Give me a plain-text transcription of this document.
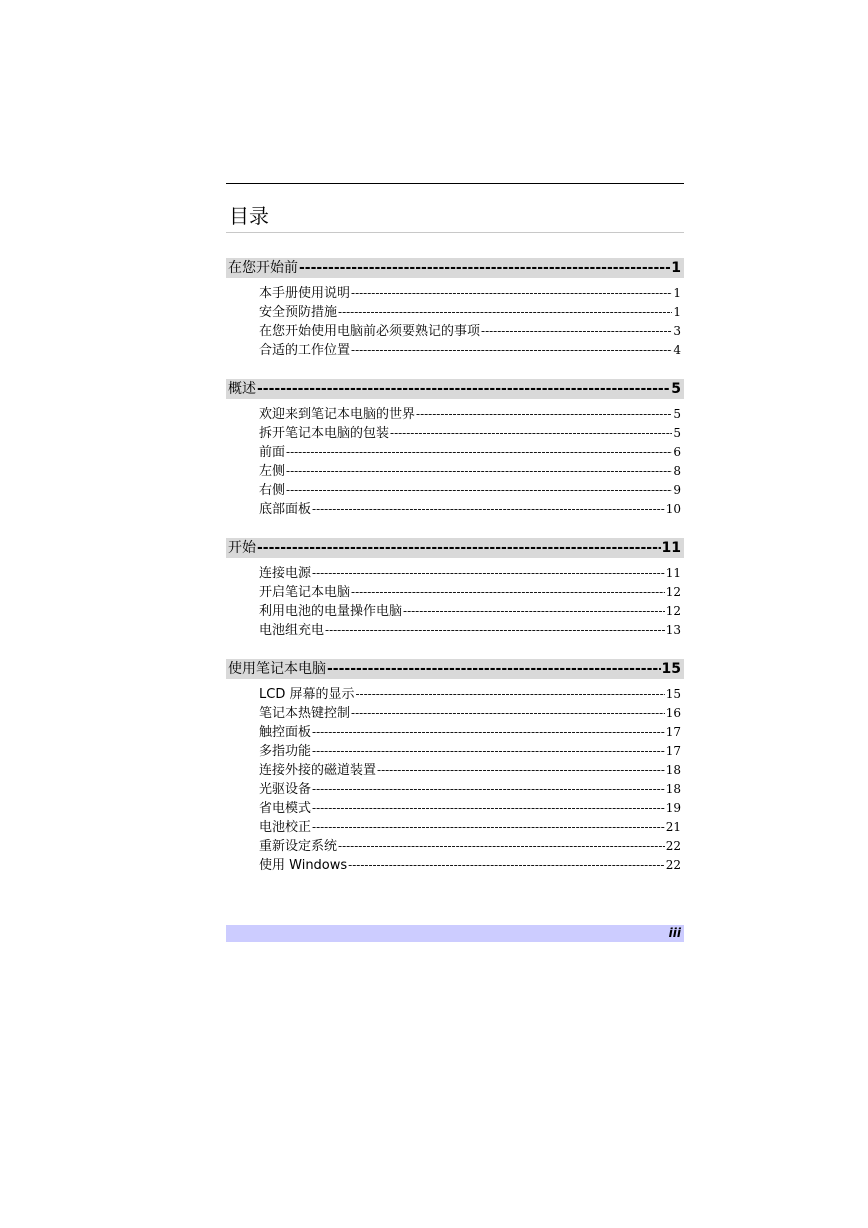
目录
在您开始前 -----	1
本手册使用说明 -----	1
安全预防措施 -----	1
在您开始使用电脑前必须要熟记的事项 -----	3
合适的工作位置 -----	4
概述 -----	5
欢迎来到笔记本电脑的世界 -----	5
拆开笔记本电脑的包装 -----	5
前面 -----	6
左侧 -----	8
右侧 -----	9
底部面板 -----	10
开始 -----	11
连接电源 -----	11
开启笔记本电脑 -----	12
利用电池的电量操作电脑 -----	12
电池组充电 -----	13
使用笔记本电脑 -----	15
LCD 屏幕的显示 -----	15
笔记本热键控制 -----	16
触控面板 -----	17
多指功能 -----	17
连接外接的磁道装置 -----	18
光驱设备 -----	18
省电模式 -----	19
电池校正 -----	21
重新设定系统 -----	22
使用 Windows -----	22
iii
